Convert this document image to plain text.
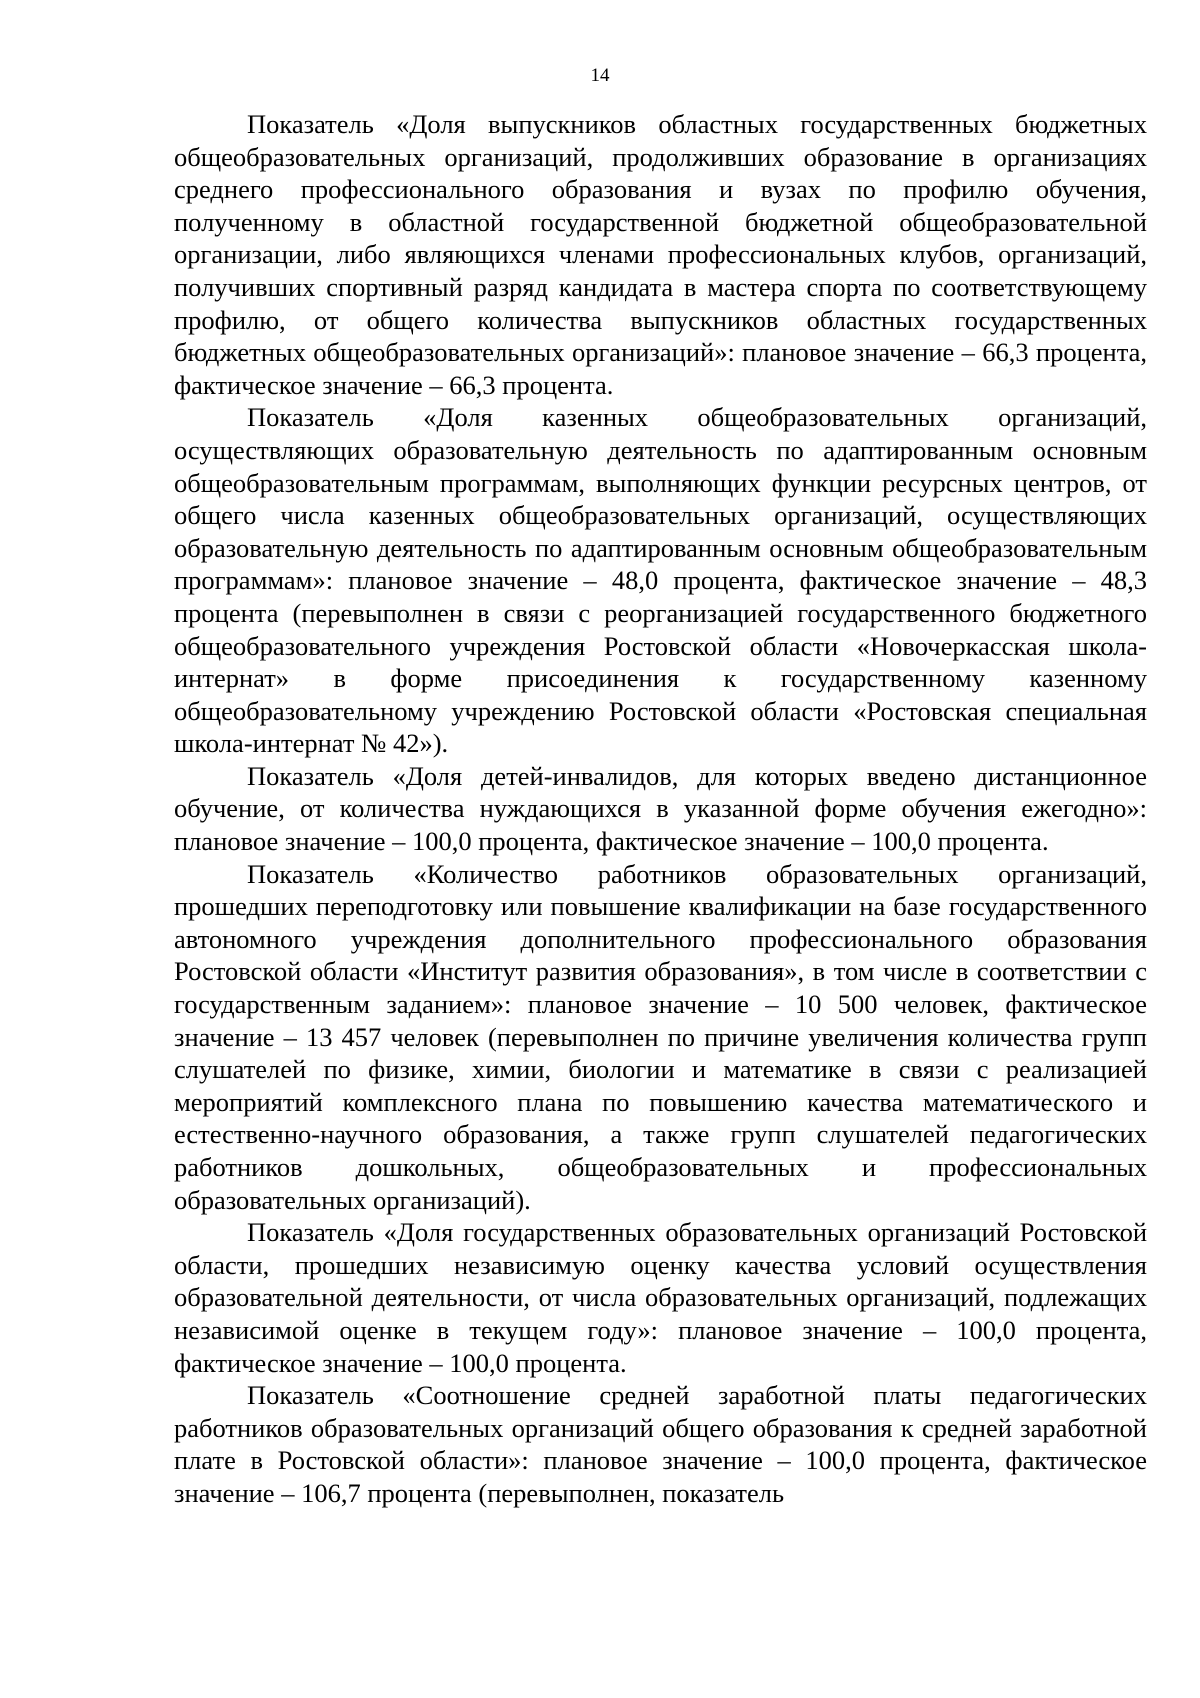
14

Показатель «Доля выпускников областных государственных бюджетных общеобразовательных организаций, продолживших образование в организациях среднего профессионального образования и вузах по профилю обучения, полученному в областной государственной бюджетной общеобразовательной организации, либо являющихся членами профессиональных клубов, организаций, получивших спортивный разряд кандидата в мастера спорта по соответствующему профилю, от общего количества выпускников областных государственных бюджетных общеобразовательных организаций»: плановое значение – 66,3 процента, фактическое значение – 66,3 процента.

Показатель «Доля казенных общеобразовательных организаций, осуществляющих образовательную деятельность по адаптированным основным общеобразовательным программам, выполняющих функции ресурсных центров, от общего числа казенных общеобразовательных организаций, осуществляющих образовательную деятельность по адаптированным основным общеобразовательным программам»: плановое значение – 48,0 процента, фактическое значение – 48,3 процента (перевыполнен в связи с реорганизацией государственного бюджетного общеобразовательного учреждения Ростовской области «Новочеркасская школа-интернат» в форме присоединения к государственному казенному общеобразовательному учреждению Ростовской области «Ростовская специальная школа-интернат № 42»).

Показатель «Доля детей-инвалидов, для которых введено дистанционное обучение, от количества нуждающихся в указанной форме обучения ежегодно»: плановое значение – 100,0 процента, фактическое значение – 100,0 процента.

Показатель «Количество работников образовательных организаций, прошедших переподготовку или повышение квалификации на базе государственного автономного учреждения дополнительного профессионального образования Ростовской области «Институт развития образования», в том числе в соответствии с государственным заданием»: плановое значение – 10 500 человек, фактическое значение – 13 457 человек (перевыполнен по причине увеличения количества групп слушателей по физике, химии, биологии и математике в связи с реализацией мероприятий комплексного плана по повышению качества математического и естественно-научного образования, а также групп слушателей педагогических работников дошкольных, общеобразовательных и профессиональных образовательных организаций).

Показатель «Доля государственных образовательных организаций Ростовской области, прошедших независимую оценку качества условий осуществления образовательной деятельности, от числа образовательных организаций, подлежащих независимой оценке в текущем году»: плановое значение – 100,0 процента, фактическое значение – 100,0 процента.

Показатель «Соотношение средней заработной платы педагогических работников образовательных организаций общего образования к средней заработной плате в Ростовской области»: плановое значение – 100,0 процента, фактическое значение – 106,7 процента (перевыполнен, показатель
